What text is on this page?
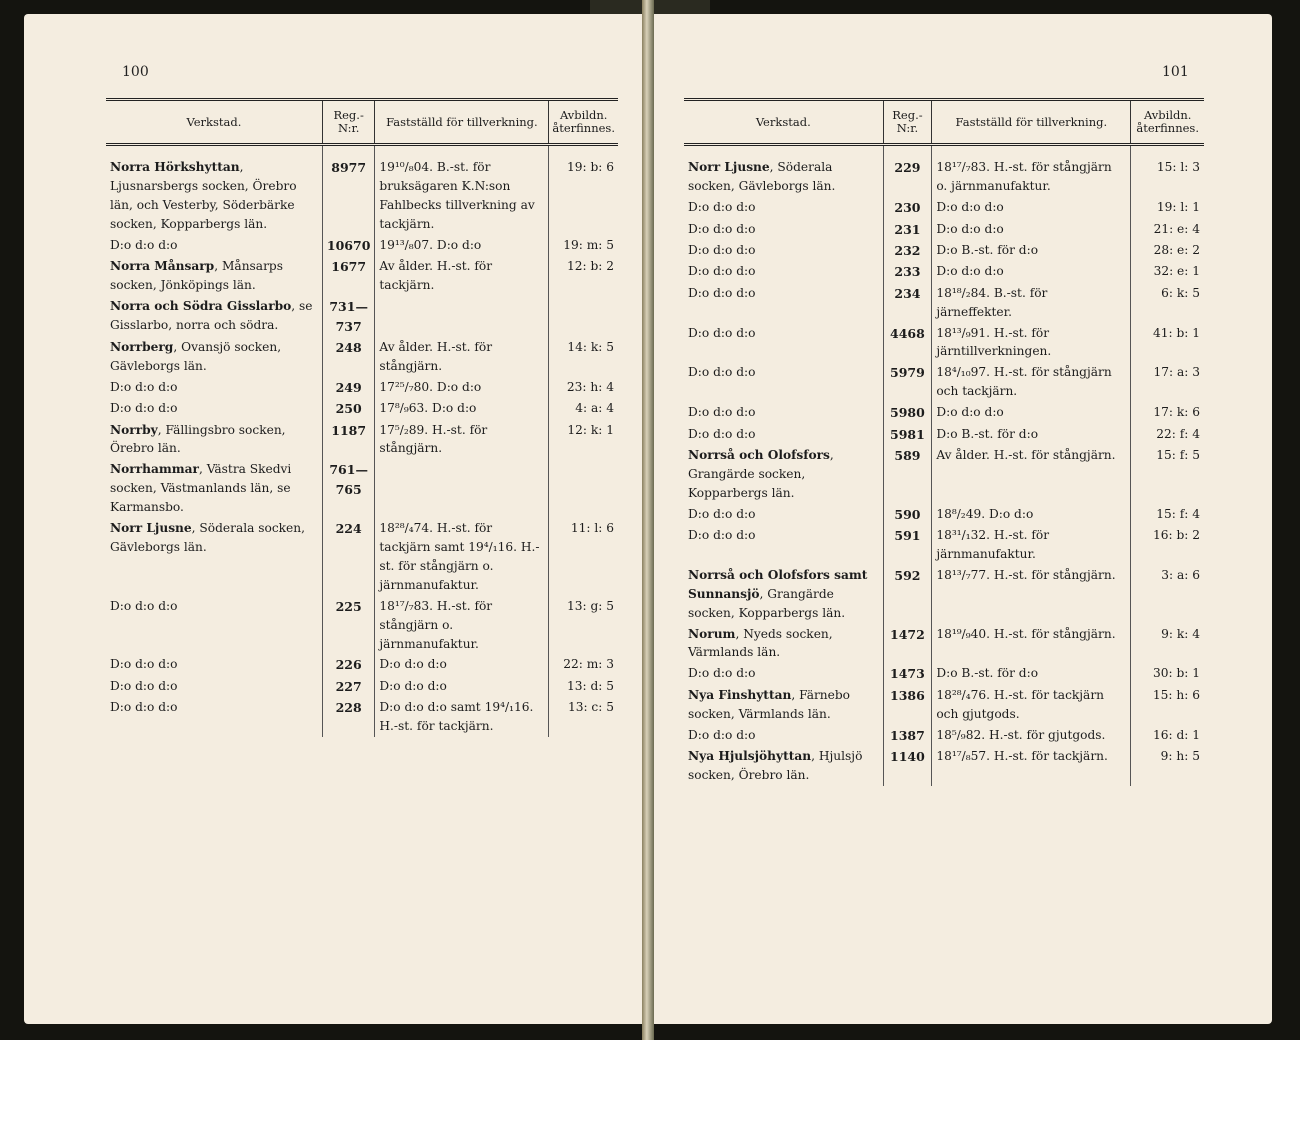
100
Verkstad.	Reg.-N:r.	Fastställd för tillverkning.	Avbildn. återfinnes.
Norra Hörkshyttan, Ljusnarsbergs socken, Örebro län, och Vesterby, Söderbärke socken, Kopparbergs län.	8977	19¹⁰/₈04. B.-st. för bruksägaren K.N:son Fahlbecks tillverkning av tackjärn.	19: b: 6
D:o d:o d:o	10670	19¹³/₈07. D:o d:o	19: m: 5
Norra Månsarp, Månsarps socken, Jönköpings län.	1677	Av ålder. H.-st. för tackjärn.	12: b: 2
Norra och Södra Gisslarbo, se Gisslarbo, norra och södra.	731—737		
Norrberg, Ovansjö socken, Gävleborgs län.	248	Av ålder. H.-st. för stångjärn.	14: k: 5
D:o d:o d:o	249	17²⁵/₇80. D:o d:o	23: h: 4
D:o d:o d:o	250	17⁸/₉63. D:o d:o	4: a: 4
Norrby, Fällingsbro socken, Örebro län.	1187	17⁵/₂89. H.-st. för stångjärn.	12: k: 1
Norrhammar, Västra Skedvi socken, Västmanlands län, se Karmansbo.	761—765		
Norr Ljusne, Söderala socken, Gävleborgs län.	224	18²⁸/₄74. H.-st. för tackjärn samt 19⁴/₁16. H.-st. för stångjärn o. järnmanufaktur.	11: l: 6
D:o d:o d:o	225	18¹⁷/₇83. H.-st. för stångjärn o. järnmanufaktur.	13: g: 5
D:o d:o d:o	226	D:o d:o d:o	22: m: 3
D:o d:o d:o	227	D:o d:o d:o	13: d: 5
D:o d:o d:o	228	D:o d:o d:o samt 19⁴/₁16. H.-st. för tackjärn.	13: c: 5
101
Verkstad.	Reg.-N:r.	Fastställd för tillverkning.	Avbildn. återfinnes.
Norr Ljusne, Söderala socken, Gävleborgs län.	229	18¹⁷/₇83. H.-st. för stångjärn o. järnmanufaktur.	15: l: 3
D:o d:o d:o	230	D:o d:o d:o	19: l: 1
D:o d:o d:o	231	D:o d:o d:o	21: e: 4
D:o d:o d:o	232	D:o B.-st. för d:o	28: e: 2
D:o d:o d:o	233	D:o d:o d:o	32: e: 1
D:o d:o d:o	234	18¹⁸/₂84. B.-st. för järneffekter.	6: k: 5
D:o d:o d:o	4468	18¹³/₉91. H.-st. för järntillverkningen.	41: b: 1
D:o d:o d:o	5979	18⁴/₁₀97. H.-st. för stångjärn och tackjärn.	17: a: 3
D:o d:o d:o	5980	D:o d:o d:o	17: k: 6
D:o d:o d:o	5981	D:o B.-st. för d:o	22: f: 4
Norrså och Olofsfors, Grangärde socken, Kopparbergs län.	589	Av ålder. H.-st. för stångjärn.	15: f: 5
D:o d:o d:o	590	18⁸/₂49. D:o d:o	15: f: 4
D:o d:o d:o	591	18³¹/₁32. H.-st. för järnmanufaktur.	16: b: 2
Norrså och Olofsfors samt Sunnansjö, Grangärde socken, Kopparbergs län.	592	18¹³/₇77. H.-st. för stångjärn.	3: a: 6
Norum, Nyeds socken, Värmlands län.	1472	18¹⁹/₉40. H.-st. för stångjärn.	9: k: 4
D:o d:o d:o	1473	D:o B.-st. för d:o	30: b: 1
Nya Finshyttan, Färnebo socken, Värmlands län.	1386	18²⁸/₄76. H.-st. för tackjärn och gjutgods.	15: h: 6
D:o d:o d:o	1387	18⁵/₉82. H.-st. för gjutgods.	16: d: 1
Nya Hjulsjöhyttan, Hjulsjö socken, Örebro län.	1140	18¹⁷/₈57. H.-st. för tackjärn.	9: h: 5
